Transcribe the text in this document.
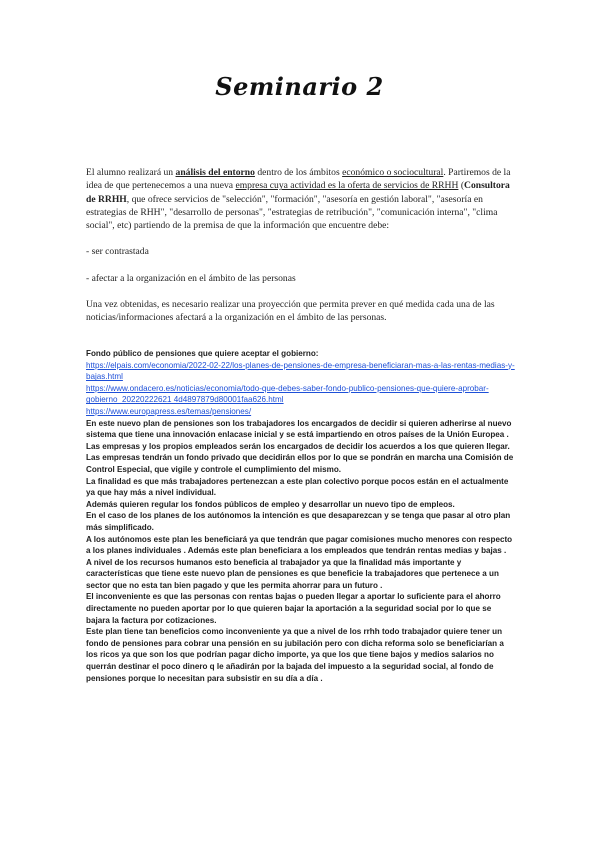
Seminario 2

El alumno realizará un análisis del entorno dentro de los ámbitos económico o sociocultural. Partiremos de la idea de que pertenecemos a una nueva empresa cuya actividad es la oferta de servicios de RRHH (Consultora de RRHH, que ofrece servicios de "selección", "formación", "asesoría en gestión laboral", "asesoría en estrategias de RHH", "desarrollo de personas", "estrategias de retribución", "comunicación interna", "clima social", etc) partiendo de la premisa de que la información que encuentre debe:

- ser contrastada

- afectar a la organización en el ámbito de las personas

Una vez obtenidas, es necesario realizar una proyección que permita prever en qué medida cada una de las noticias/informaciones afectará a la organización en el ámbito de las personas.

Fondo público de pensiones que quiere aceptar el gobierno:

https://elpais.com/economia/2022-02-22/los-planes-de-pensiones-de-empresa-beneficiaran-mas-a-las-rentas-medias-y-bajas.html
https://www.ondacero.es/noticias/economia/todo-que-debes-saber-fondo-publico-pensiones-que-quiere-aprobar-gobierno_20220222621 4d4897879d80001faa626.html
https://www.europapress.es/temas/pensiones/

En este nuevo plan de pensiones son los trabajadores los encargados de decidir si quieren adherirse al nuevo sistema que tiene una innovación enlacase inicial y se está impartiendo en otros países de la Unión Europea .

Las empresas y los propios empleados serán los encargados de decidir los acuerdos a los que quieren llegar. Las empresas tendrán un fondo privado que decidirán ellos por lo que se pondrán en marcha una Comisión de Control Especial, que vigile y controle el cumplimiento del mismo.

La finalidad es que más trabajadores pertenezcan a este plan colectivo porque pocos están en el actualmente ya que hay más a nivel individual.

Además quieren regular los fondos públicos de empleo y desarrollar un nuevo tipo de empleos.

En el caso de los planes de los autónomos la intención es que desaparezcan y se tenga que pasar al otro plan más simplificado.

A los autónomos este plan les beneficiará ya que tendrán que pagar comisiones mucho menores con respecto a los planes individuales . Además este plan beneficiara a los empleados que tendrán rentas medias y bajas .

A nivel de los recursos humanos esto beneficia al trabajador ya que la finalidad más importante y características que tiene este nuevo plan de pensiones es que beneficie la trabajadores que pertenece a un sector que no esta tan bien pagado y que les permita ahorrar para un futuro .

El inconveniente es que las personas con rentas bajas o pueden llegar a aportar lo suficiente para el ahorro directamente no pueden aportar por lo que quieren bajar la aportación a la seguridad social por lo que se bajara la factura por cotizaciones.

Este plan tiene tan beneficios como inconveniente ya que a nivel de los rrhh todo trabajador quiere tener un fondo de pensiones para cobrar una pensión en su jubilación pero con dicha reforma solo se beneficiarían a los ricos ya que son los que podrían pagar dicho importe, ya que los que tiene bajos y medios salarios no querrán destinar el poco dinero q le añadirán por la bajada del impuesto a la seguridad social, al fondo de pensiones porque lo necesitan para subsistir en su día a día .
